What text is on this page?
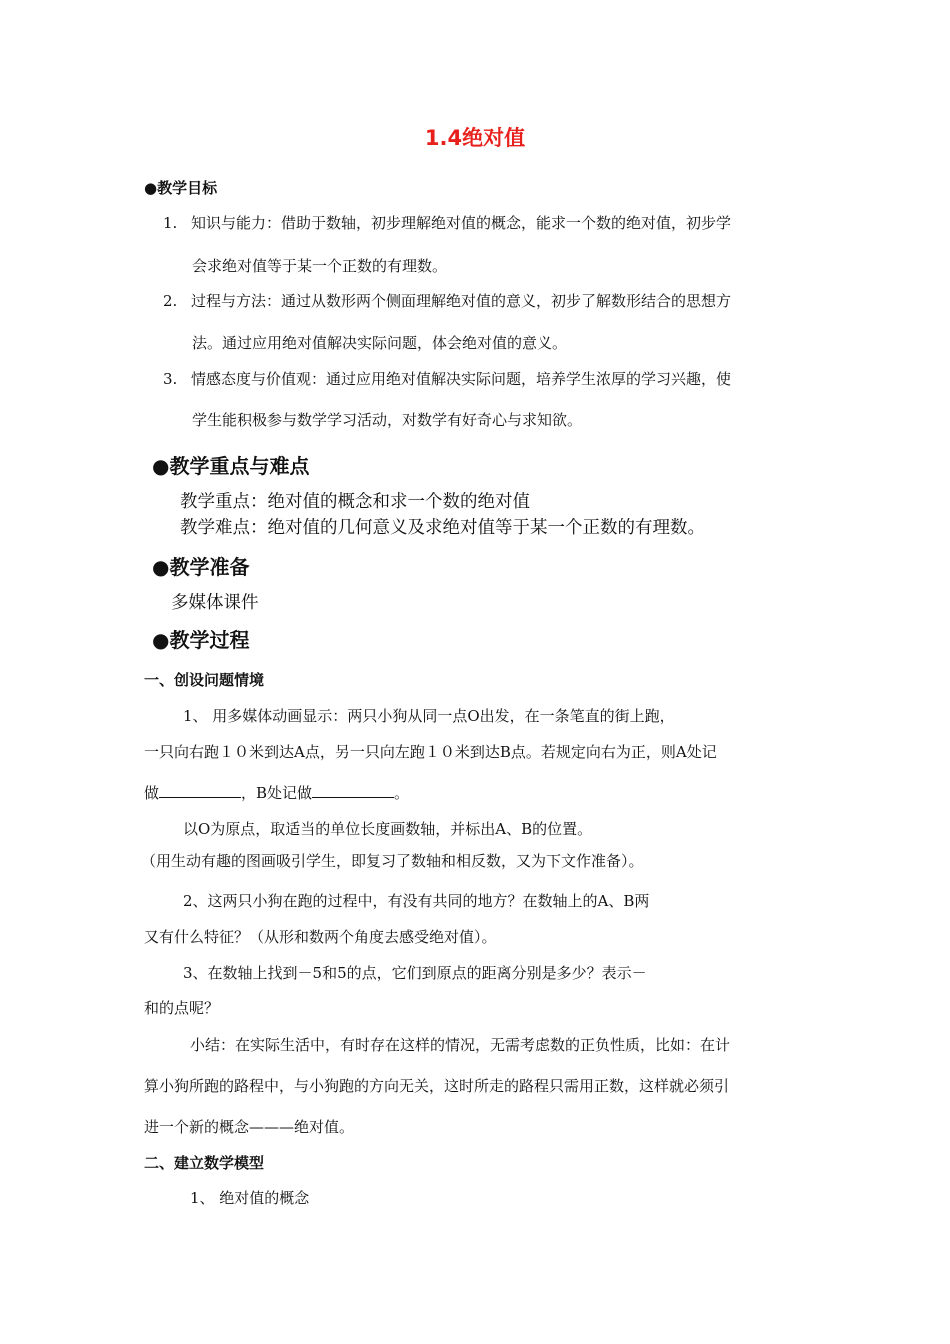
1.4绝对值
●教学目标
1. 知识与能力：借助于数轴，初步理解绝对值的概念，能求一个数的绝对值，初步学
会求绝对值等于某一个正数的有理数。
2. 过程与方法：通过从数形两个侧面理解绝对值的意义，初步了解数形结合的思想方
法。通过应用绝对值解决实际问题，体会绝对值的意义。
3. 情感态度与价值观：通过应用绝对值解决实际问题，培养学生浓厚的学习兴趣，使
学生能积极参与数学学习活动，对数学有好奇心与求知欲。
●教学重点与难点
教学重点：绝对值的概念和求一个数的绝对值
教学难点：绝对值的几何意义及求绝对值等于某一个正数的有理数。
●教学准备
多媒体课件
●教学过程
一、创设问题情境
1、 用多媒体动画显示：两只小狗从同一点O出发，在一条笔直的街上跑，
一只向右跑１０米到达A点，另一只向左跑１０米到达B点。若规定向右为正，则A处记
做	，B处记做	。
以O为原点，取适当的单位长度画数轴，并标出A、B的位置。
（用生动有趣的图画吸引学生，即复习了数轴和相反数，又为下文作准备）。
2、这两只小狗在跑的过程中，有没有共同的地方？在数轴上的A、B两
又有什么特征？（从形和数两个角度去感受绝对值）。
3、在数轴上找到－5和5的点，它们到原点的距离分别是多少？表示－
和的点呢？
小结：在实际生活中，有时存在这样的情况，无需考虑数的正负性质，比如：在计
算小狗所跑的路程中，与小狗跑的方向无关，这时所走的路程只需用正数，这样就必须引
进一个新的概念———绝对值。
二、建立数学模型
1、 绝对值的概念
